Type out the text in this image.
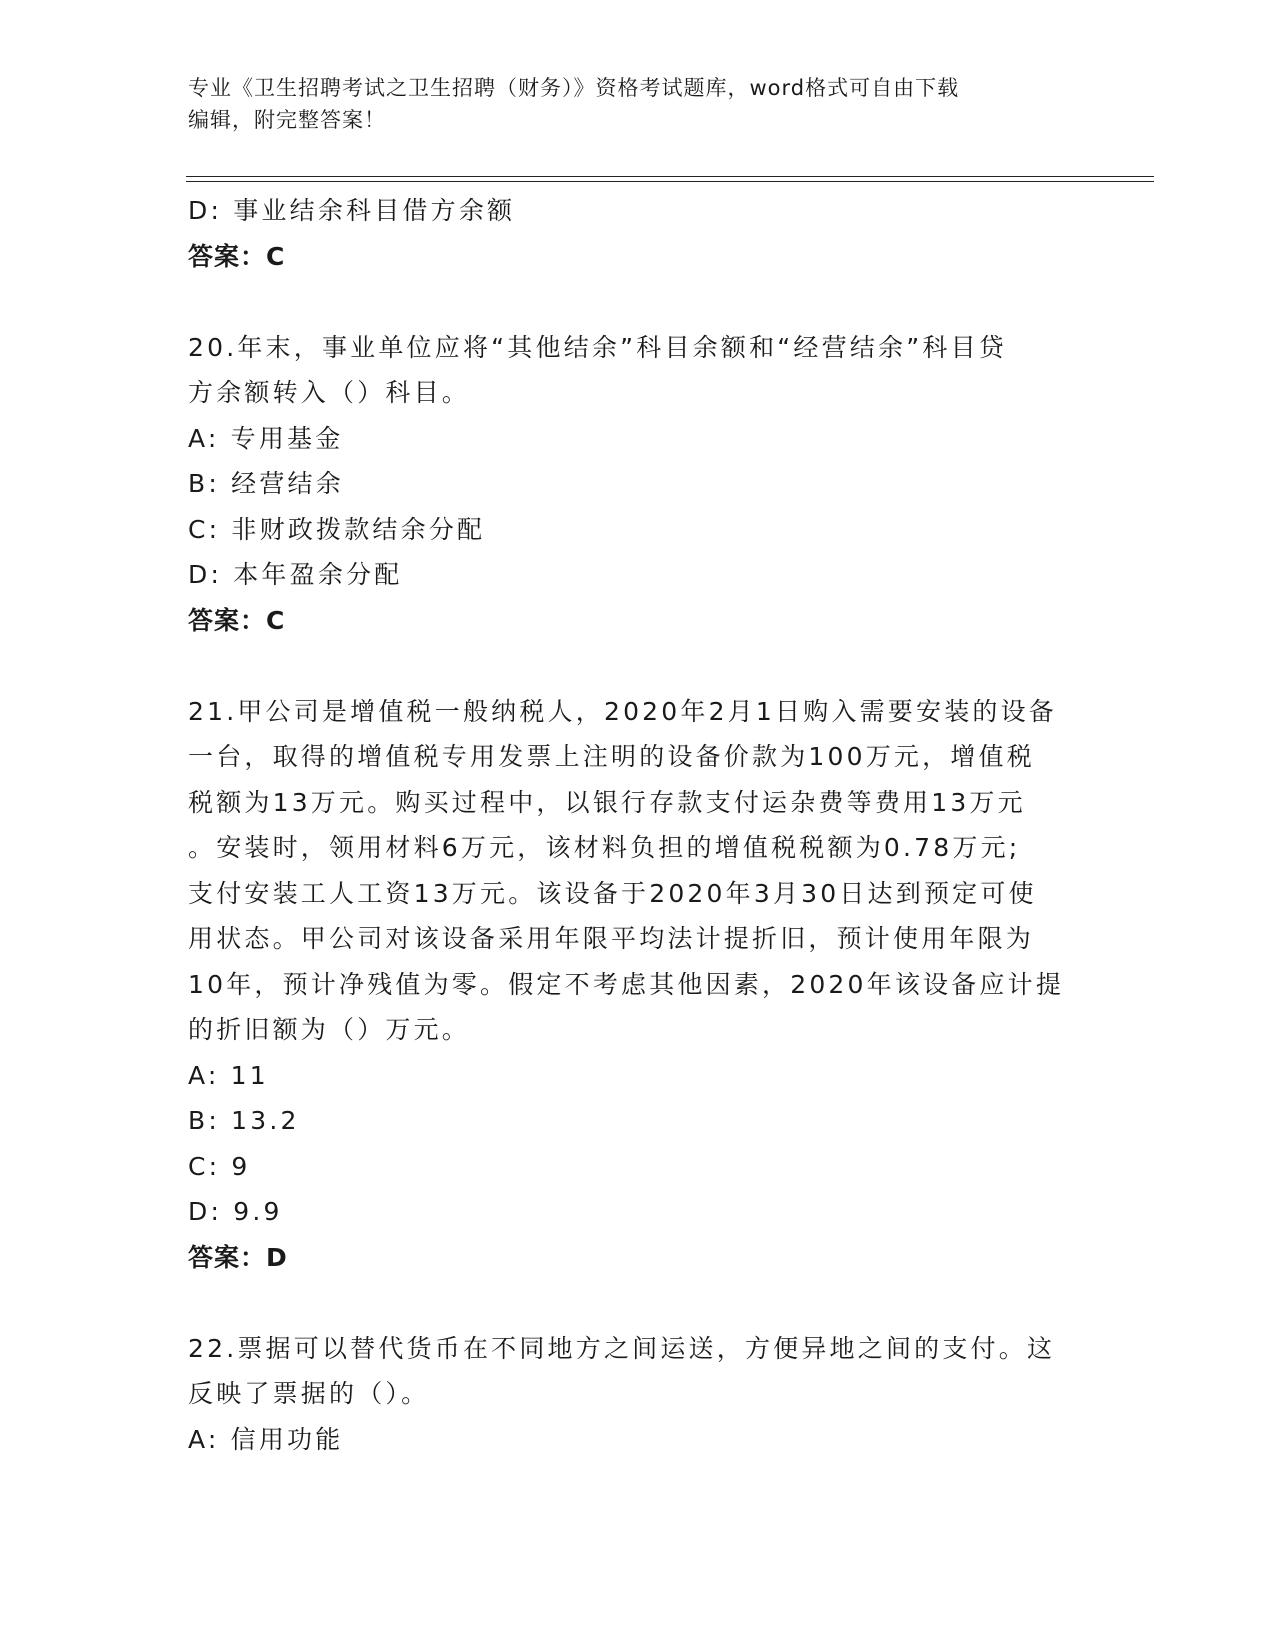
专业《卫生招聘考试之卫生招聘（财务）》资格考试题库，word格式可自由下载
编辑，附完整答案！
D: 事业结余科目借方余额
答案：C
20.年末，事业单位应将“其他结余”科目余额和“经营结余”科目贷
方余额转入（）科目。
A: 专用基金
B: 经营结余
C: 非财政拨款结余分配
D: 本年盈余分配
答案：C
21.甲公司是增值税一般纳税人，2020年2月1日购入需要安装的设备
一台，取得的增值税专用发票上注明的设备价款为100万元，增值税
税额为13万元。购买过程中，以银行存款支付运杂费等费用13万元
。安装时，领用材料6万元，该材料负担的增值税税额为0.78万元;
支付安装工人工资13万元。该设备于2020年3月30日达到预定可使
用状态。甲公司对该设备采用年限平均法计提折旧，预计使用年限为
10年，预计净残值为零。假定不考虑其他因素，2020年该设备应计提
的折旧额为（）万元。
A: 11
B: 13.2
C: 9
D: 9.9
答案：D
22.票据可以替代货币在不同地方之间运送，方便异地之间的支付。这
反映了票据的（）。
A: 信用功能
